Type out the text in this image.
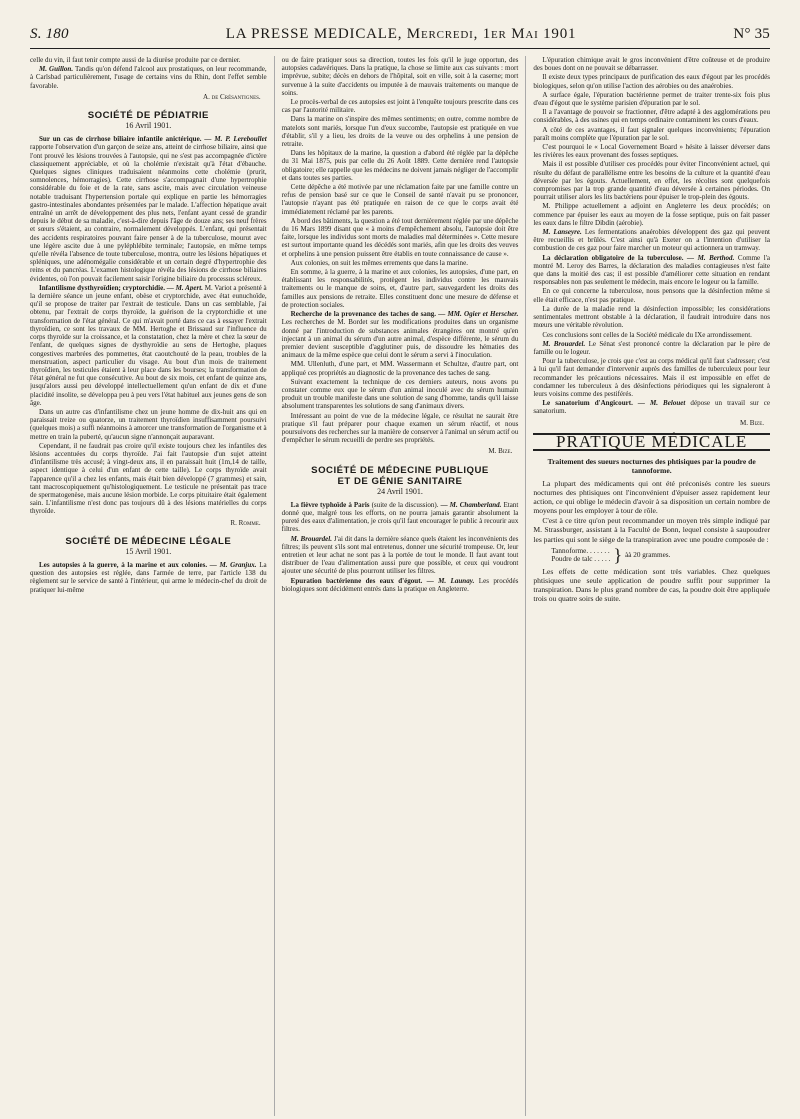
S. 180	LA PRESSE MEDICALE, Mercredi, 1er Mai 1901	N° 35

celle du vin, il faut tenir compte aussi de la diurèse produite par ce dernier.

M. Guillon. Tandis qu'on défend l'alcool aux prostatiques, on leur recommande, à Carlsbad particulièrement, l'usage de certains vins du Rhin, dont l'effet semble favorable.

A. de Crésantignes.

SOCIÉTÉ DE PÉDIATRIE

16 Avril 1901.

Sur un cas de cirrhose biliaire infantile anictérique. — M. P. Lereboullet rapporte l'observation d'un garçon de seize ans, atteint de cirrhose biliaire, ainsi que l'ont prouvé les lésions trouvées à l'autopsie, qui ne s'est pas accompagnée d'ictère classiquement appréciable, et où la cholémie n'existait qu'à l'état d'ébauche. Quelques signes cliniques traduisaient néanmoins cette cholémie (prurit, somnolences, hémorragies). Cette cirrhose s'accompagnait d'une hypertrophie considérable du foie et de la rate, sans ascite, mais avec circulation veineuse notable traduisant l'hypertension portale qui explique en partie les hémorragies gastro-intestinales abondantes présentées par le malade. L'affection hépatique avait entraîné un arrêt de développement des plus nets, l'enfant ayant cessé de grandir depuis le début de sa maladie, c'est-à-dire depuis l'âge de douze ans; ses neuf frères et sœurs s'étaient, au contraire, normalement développés. L'enfant, qui présentait des accidents respiratoires pouvant faire penser à de la tuberculose, mourut avec une légère ascite due à une pyléphlébite terminale; l'autopsie, en même temps qu'elle révéla l'absence de toute tuberculose, montra, outre les lésions hépatiques et spléniques, une adénomégalie considérable et un certain degré d'hypertrophie des reins et du pancréas. L'examen histologique révéla des lésions de cirrhose biliaires évidentes, où l'on pouvait facilement saisir l'origine biliaire du processus scléreux.

Infantilisme dysthyroïdien; cryptorchidie. — M. Apert. M. Variot a présenté à la dernière séance un jeune enfant, obèse et cryptorchide, avec état eunuchoïde, qu'il se propose de traiter par l'extrait de testicule. Dans un cas semblable, j'ai obtenu, par l'extrait de corps thyroïde, la guérison de la cryptorchidie et une transformation de l'état général. Ce qui m'avait porté dans ce cas à essayer l'extrait thyroïdien, ce sont les travaux de MM. Hertoghe et Brissaud sur l'influence du corps thyroïde sur la croissance, et la constatation, chez la mère et chez la sœur de l'enfant, de quelques signes de dysthyroïdie au sens de Hertoghe, plaques congestives marbrées des pommettes, état caoutchouté de la peau, troubles de la menstruation, aspect particulier du visage. Au bout d'un mois de traitement thyroïdien, les testicules étaient à leur place dans les bourses; la transformation de l'état général ne fut que consécutive. Au bout de six mois, cet enfant de quinze ans, jusqu'alors aussi peu développé intellectuellement qu'un enfant de dix et d'une placidité insolite, se développa peu à peu vers l'état habituel aux jeunes gens de son âge.

Dans un autre cas d'infantilisme chez un jeune homme de dix-huit ans qui en paraissait treize ou quatorze, un traitement thyroïdien insuffisamment poursuivi (quelques mois) a suffi néanmoins à amorcer une transformation de l'organisme et à mettre en train la puberté, qu'aucun signe n'annonçait auparavant.

Cependant, il ne faudrait pas croire qu'il existe toujours chez les infantiles des lésions accentuées du corps thyroïde. J'ai fait l'autopsie d'un sujet atteint d'infantilisme très accusé; à vingt-deux ans, il en paraissait huit (1m,14 de taille, aspect identique à celui d'un enfant de cette taille). Le corps thyroïde avait l'apparence qu'il a chez les enfants, mais était bien développé (7 grammes) et sain, tant macroscopiquement qu'histologiquement. Le testicule ne présentait pas trace de spermatogenèse, mais aucune lésion morbide. Le corps pituitaire était également sain. L'infantilisme n'est donc pas toujours dû à des lésions matérielles du corps thyroïde.

R. Romme.

SOCIÉTÉ DE MÉDECINE LÉGALE

15 Avril 1901.

Les autopsies à la guerre, à la marine et aux colonies. — M. Granjux. La question des autopsies est réglée, dans l'armée de terre, par l'article 138 du règlement sur le service de santé à l'intérieur, qui arme le médecin-chef du droit de pratiquer lui-même

ou de faire pratiquer sous sa direction, toutes les fois qu'il le juge opportun, des autopsies cadavériques. Dans la pratique, la chose se limite aux cas suivants : mort imprévue, subite; décès en dehors de l'hôpital, soit en ville, soit à la caserne; mort survenue à la suite d'accidents ou imputée à de mauvais traitements ou manque de soins.

Le procès-verbal de ces autopsies est joint à l'enquête toujours prescrite dans ces cas par l'autorité militaire.

Dans la marine on s'inspire des mêmes sentiments; en outre, comme nombre de matelots sont mariés, lorsque l'un d'eux succombe, l'autopsie est pratiquée en vue d'établir, s'il y a lieu, les droits de la veuve ou des orphelins à une pension de retraite.

Dans les hôpitaux de la marine, la question a d'abord été réglée par la dépêche du 31 Mai 1875, puis par celle du 26 Août 1889. Cette dernière rend l'autopsie obligatoire; elle rappelle que les médecins ne doivent jamais négliger de l'accomplir et dans toutes ses parties.

Cette dépêche a été motivée par une réclamation faite par une famille contre un refus de pension basé sur ce que le Conseil de santé n'avait pu se prononcer, l'autopsie n'ayant pas été pratiquée en raison de ce que le corps avait été immédiatement réclamé par les parents.

A bord des bâtiments, la question a été tout dernièrement réglée par une dépêche du 16 Mars 1899 disant que « à moins d'empêchement absolu, l'autopsie doit être faite, lorsque les individus sont morts de maladies mal déterminées ». Cette mesure est surtout importante quand les décédés sont mariés, afin que les droits des veuves et orphelins à une pension puissent être établis en toute connaissance de cause ».

Aux colonies, on suit les mêmes errements que dans la marine.

En somme, à la guerre, à la marine et aux colonies, les autopsies, d'une part, en établissant les responsabilités, protègent les individus contre les mauvais traitements ou le manque de soins, et, d'autre part, sauvegardent les droits des familles aux pensions de retraite. Elles constituent donc une mesure de défense et de protection sociales.

Recherche de la provenance des taches de sang. — MM. Ogier et Herscher. Les recherches de M. Bordet sur les modifications produites dans un organisme donné par l'introduction de substances animales étrangères ont montré qu'en injectant à un animal du sérum d'un autre animal, d'espèce différente, le sérum du premier devient susceptible d'agglutiner puis, de dissoudre les hématies des animaux de la même espèce que celui dont le sérum a servi à l'inoculation.

MM. Ullenluth, d'une part, et MM. Wassermann et Schultze, d'autre part, ont appliqué ces propriétés au diagnostic de la provenance des taches de sang.

Suivant exactement la technique de ces derniers auteurs, nous avons pu constater comme eux que le sérum d'un animal inoculé avec du sérum humain produit un trouble manifeste dans une solution de sang d'homme, tandis qu'il laisse absolument transparentes les solutions de sang d'animaux divers.

Intéressant au point de vue de la médecine légale, ce résultat ne saurait être pratique s'il faut préparer pour chaque examen un sérum réactif, et nous poursuivons des recherches sur la manière de conserver à l'animal un sérum actif ou d'empêcher le sérum recueilli de perdre ses propriétés.

M. Bize.

SOCIÉTÉ DE MÉDECINE PUBLIQUE
ET DE GÉNIE SANITAIRE

24 Avril 1901.

La fièvre typhoïde à Paris (suite de la discussion). — M. Chamberland. Etant donné que, malgré tous les efforts, on ne pourra jamais garantir absolument la pureté des eaux d'alimentation, je crois qu'il faut encourager le public à recourir aux filtres.

M. Brouardel. J'ai dit dans la dernière séance quels étaient les inconvénients des filtres; ils peuvent s'ils sont mal entretenus, donner une sécurité trompeuse. Or, leur entretien et leur achat ne sont pas à la portée de tout le monde. Il faut avant tout distribuer de l'eau d'alimentation aussi pure que possible, et ceux qui voudront ajouter une sécurité de plus pourront utiliser les filtres.

Epuration bactérienne des eaux d'égout. — M. Launay. Les procédés biologiques sont décidément entrés dans la pratique en Angleterre.

L'épuration chimique avait le gros inconvénient d'être coûteuse et de produire des boues dont on ne pouvait se débarrasser.

Il existe deux types principaux de purification des eaux d'égout par les procédés biologiques, selon qu'on utilise l'action des aérobies ou des anaérobies.

A surface égale, l'épuration bactérienne permet de traiter trente-six fois plus d'eau d'égout que le système parisien d'épuration par le sol.

Il a l'avantage de pouvoir se fractionner, d'être adapté à des agglomérations peu considérables, à des usines qui en temps ordinaire contaminent les cours d'eaux.

A côté de ces avantages, il faut signaler quelques inconvénients; l'épuration paraît moins complète que l'épuration par le sol.

C'est pourquoi le « Local Governement Board » hésite à laisser déverser dans les rivières les eaux provenant des fosses septiques.

Mais il est possible d'utiliser ces procédés pour éviter l'inconvénient actuel, qui résulte du défaut de parallélisme entre les besoins de la culture et la quantité d'eau déversée par les égouts. Actuellement, en effet, les récoltes sont quelquefois compromises par la trop grande quantité d'eau déversée à certaines périodes. On pourrait utiliser alors les lits bactériens pour épuiser le trop-plein des égouts.

M. Philippe actuellement a adjoint en Angleterre les deux procédés; on commence par épuiser les eaux au moyen de la fosse septique, puis on fait passer les eaux dans le filtre Dibdin (aérobie).

M. Lanseyre. Les fermentations anaérobies développent des gaz qui peuvent être recueillis et brûlés. C'est ainsi qu'à Exeter on a l'intention d'utiliser la combustion de ces gaz pour faire marcher un moteur qui actionnera un tramway.

La déclaration obligatoire de la tuberculose. — M. Berthod. Comme l'a montré M. Leroy des Barres, la déclaration des maladies contagieuses n'est faite que dans la moitié des cas; il est possible d'améliorer cette situation en rendant responsables non pas seulement le médecin, mais encore le logeur ou la famille.

En ce qui concerne la tuberculose, nous pensons que la désinfection même si elle était efficace, n'est pas pratique.

La durée de la maladie rend la désinfection impossible; les considérations sentimentales mettront obstable à la déclaration, il faudrait introduire dans nos mœurs une véritable révolution.

Ces conclusions sont celles de la Société médicale du IXe arrondissement.

M. Brouardel. Le Sénat s'est prononcé contre la déclaration par le père de famille ou le logeur.

Pour la tuberculose, je crois que c'est au corps médical qu'il faut s'adresser; c'est à lui qu'il faut demander d'intervenir auprès des familles de tuberculeux pour leur recommander les précautions nécessaires. Mais il est impossible en effet de condamner les tuberculeux à des désinfections périodiques qui les signaleront à leurs voisins comme des pestiférés.

Le sanatorium d'Angicourt. — M. Belouet dépose un travail sur ce sanatorium.

M. Bize.

PRATIQUE MÉDICALE

Traitement des sueurs nocturnes des phtisiques par la poudre de tannoforme.

La plupart des médicaments qui ont été préconisés contre les sueurs nocturnes des phtisiques ont l'inconvénient d'épuiser assez rapidement leur action, ce qui oblige le médecin d'avoir à sa disposition un certain nombre de moyens pour les employer à tour de rôle.

C'est à ce titre qu'on peut recommander un moyen très simple indiqué par M. Strassburger, assistant à la Faculté de Bonn, lequel consiste à saupoudrer les parties qui sont le siège de la transpiration avec une poudre composée de :

Tannoforme. . . . . . .
Poudre de talc . . . . . } àà 20 grammes.

Les effets de cette médication sont très variables. Chez quelques phtisiques une seule application de poudre suffit pour supprimer la transpiration. Dans le plus grand nombre de cas, la poudre doit être appliquée trois ou quatre soirs de suite.
